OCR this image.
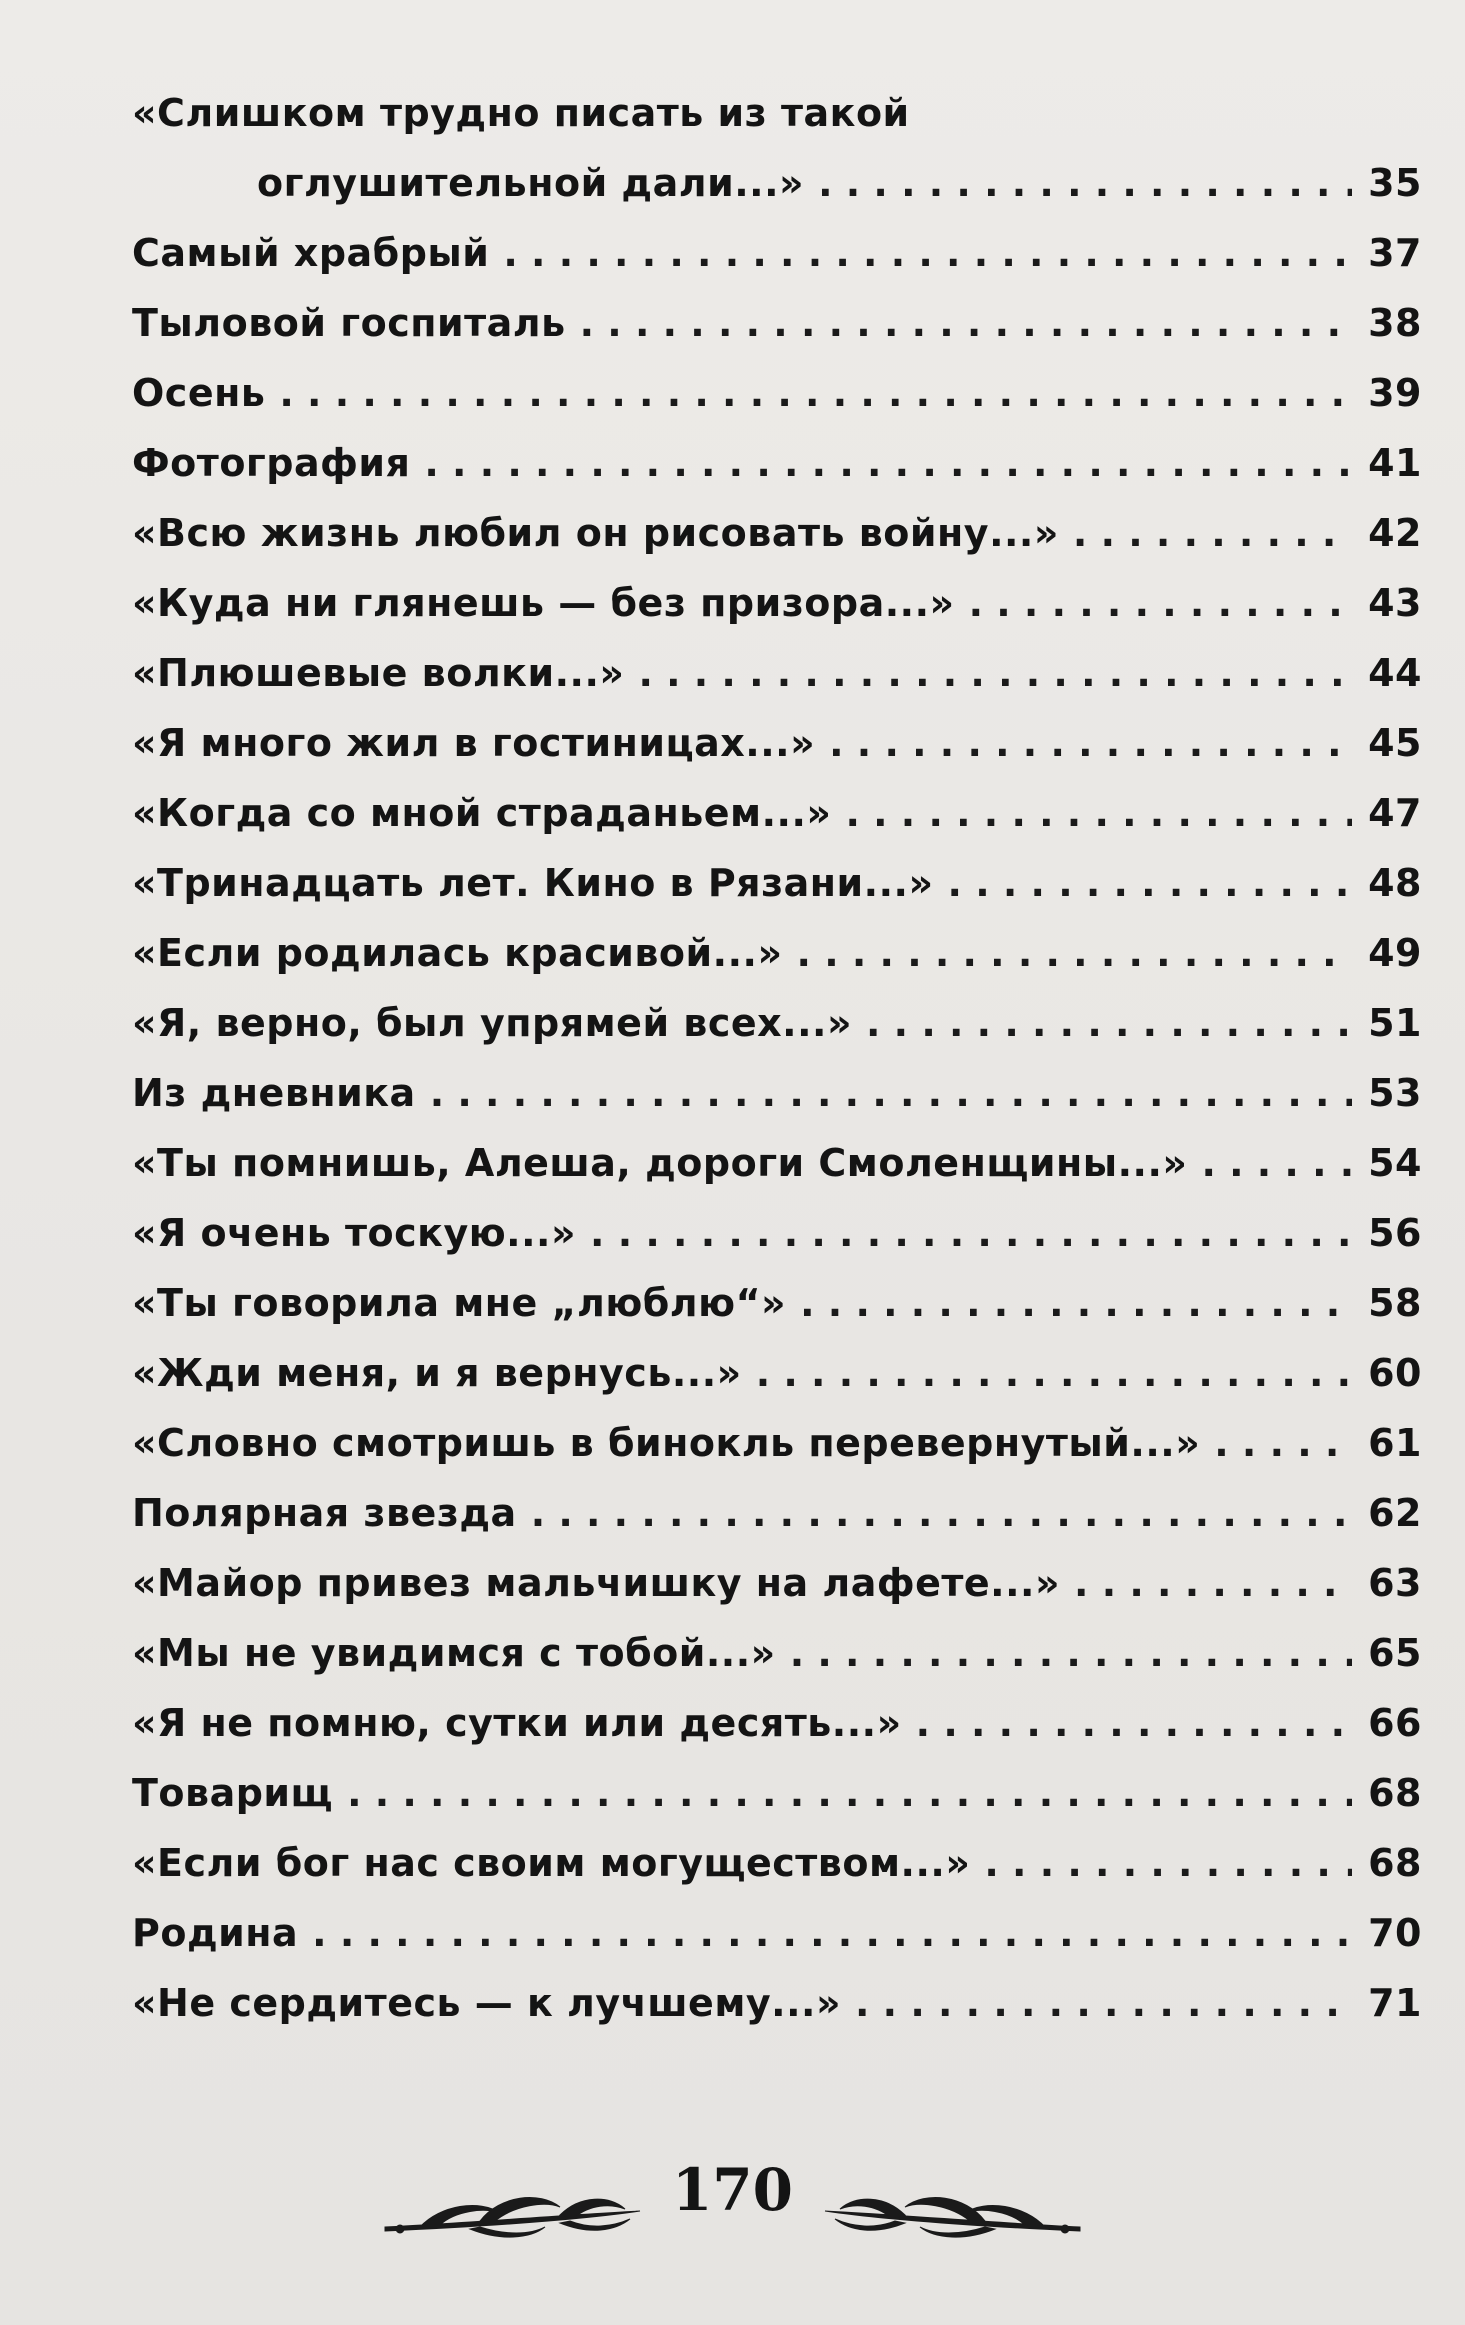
«Слишком трудно писать из такой
оглушительной дали...» . . .	35
Самый храбрый . . .	37
Тыловой госпиталь . . .	38
Осень . . .	39
Фотография . . .	41
«Всю жизнь любил он рисовать войну...» . . .	42
«Куда ни глянешь — без призора...» . . .	43
«Плюшевые волки...» . . .	44
«Я много жил в гостиницах...» . . .	45
«Когда со мной страданьем...» . . .	47
«Тринадцать лет. Кино в Рязани...» . . .	48
«Если родилась красивой...» . . .	49
«Я, верно, был упрямей всех...» . . .	51
Из дневника . . .	53
«Ты помнишь, Алеша, дороги Смоленщины...» . . .	54
«Я очень тоскую...» . . .	56
«Ты говорила мне „люблю“» . . .	58
«Жди меня, и я вернусь...» . . .	60
«Словно смотришь в бинокль перевернутый...» . . .	61
Полярная звезда . . .	62
«Майор привез мальчишку на лафете...» . . .	63
«Мы не увидимся с тобой...» . . .	65
«Я не помню, сутки или десять...» . . .	66
Товарищ . . .	68
«Если бог нас своим могуществом...» . . .	68
Родина . . .	70
«Не сердитесь — к лучшему...» . . .	71
170
